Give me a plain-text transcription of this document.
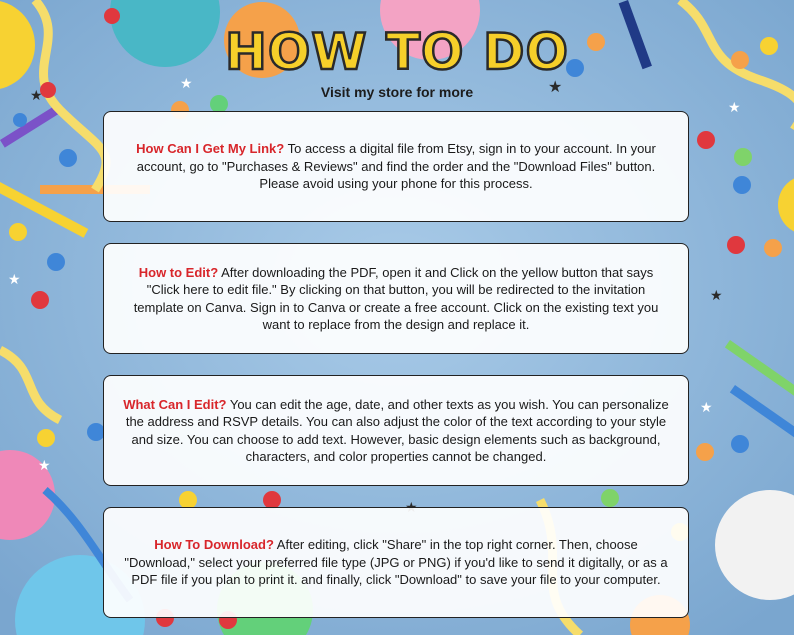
★	★
★
★
★
★
★
★
HOW TO DO
Visit my store for more

How Can I Get My Link? To access a digital file from Etsy, sign in to your account. In your account, go to "Purchases & Reviews" and find the order and the "Download Files" button. Please avoid using your phone for this process.

How to Edit? After downloading the PDF, open it and Click on the yellow button that says "Click here to edit file." By clicking on that button, you will be redirected to the invitation template on Canva. Sign in to Canva or create a free account. Click on the existing text you want to replace from the design and replace it.

What Can I Edit? You can edit the age, date, and other texts as you wish. You can personalize the address and RSVP details. You can also adjust the color of the text according to your style and size. You can choose to add text. However, basic design elements such as background, characters, and color properties cannot be changed.

How To Download? After editing, click "Share" in the top right corner. Then, choose "Download," select your preferred file type (JPG or PNG) if you'd like to send it digitally, or as a PDF file if you plan to print it. and finally, click "Download" to save your file to your computer.
